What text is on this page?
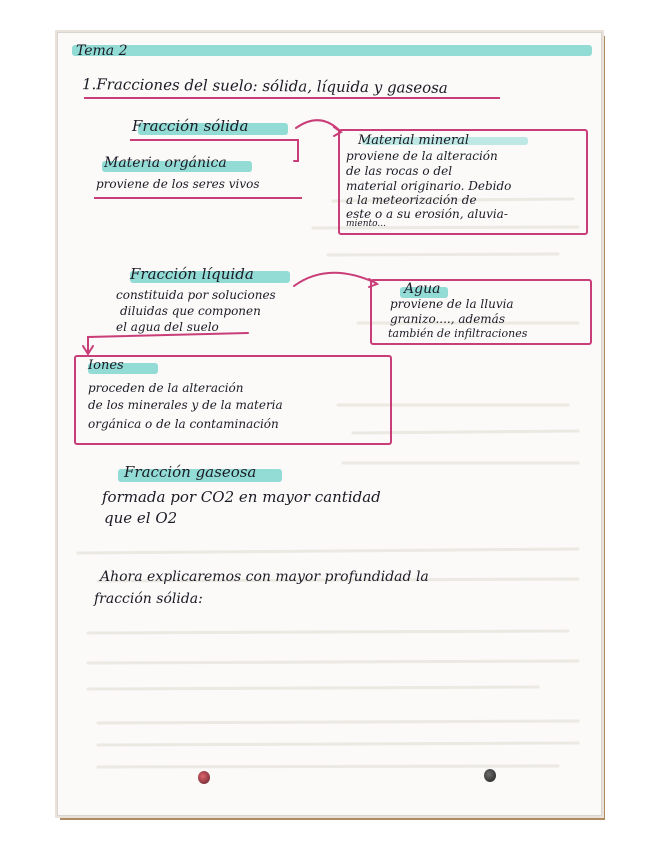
Tema 2
1.Fracciones del suelo: sólida, líquida y gaseosa
Fracción sólida
Materia orgánica
proviene de los seres vivos
Material mineral
proviene de la alteración
de las rocas o del
material originario. Debido
a la meteorización de
este o a su erosión, aluvia-
miento...
Fracción líquida
constituida por soluciones
diluidas que componen
el agua del suelo
Agua
proviene de la lluvia
granizo...., además
también de infiltraciones
Iones
proceden de la alteración
de los minerales y de la materia
orgánica o de la contaminación
Fracción gaseosa
formada por CO2 en mayor cantidad
que el O2
Ahora explicaremos con mayor profundidad la
fracción sólida:
